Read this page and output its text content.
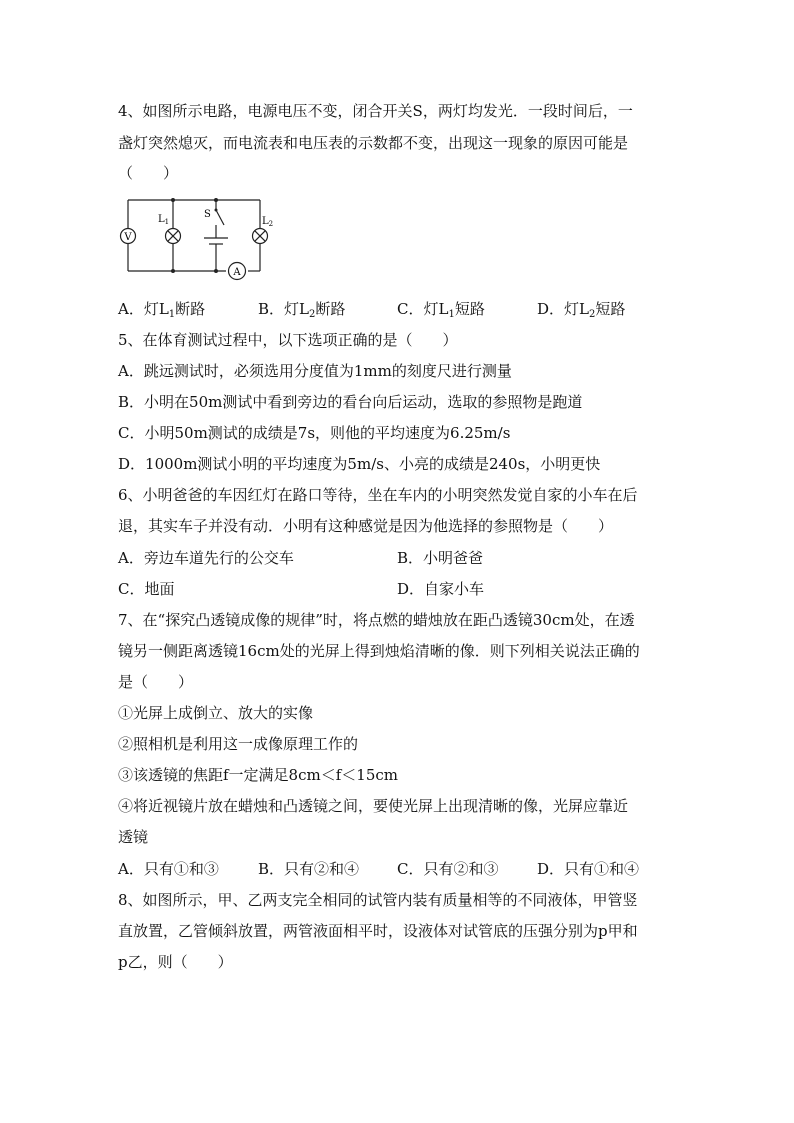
4、如图所示电路，电源电压不变，闭合开关S，两灯均发光．一段时间后，一
盏灯突然熄灭，而电流表和电压表的示数都不变，出现这一现象的原因可能是
（　　）
V
$L_1$
S
$L_2$
A
A．灯$L_1$断路	B．灯$L_2$断路	C．灯$L_1$短路	D．灯$L_2$短路
5、在体育测试过程中，以下选项正确的是（　　）
A．跳远测试时，必须选用分度值为1mm的刻度尺进行测量
B．小明在50m测试中看到旁边的看台向后运动，选取的参照物是跑道
C．小明50m测试的成绩是7s，则他的平均速度为6.25m/s
D．1000m测试小明的平均速度为5m/s、小亮的成绩是240s，小明更快
6、小明爸爸的车因红灯在路口等待，坐在车内的小明突然发觉自家的小车在后
退，其实车子并没有动．小明有这种感觉是因为他选择的参照物是（　　）
A．旁边车道先行的公交车	B．小明爸爸
C．地面	D．自家小车
7、在“探究凸透镜成像的规律”时，将点燃的蜡烛放在距凸透镜30cm处，在透
镜另一侧距离透镜16cm处的光屏上得到烛焰清晰的像．则下列相关说法正确的
是（　　）
①光屏上成倒立、放大的实像
②照相机是利用这一成像原理工作的
③该透镜的焦距f一定满足8cm＜f＜15cm
④将近视镜片放在蜡烛和凸透镜之间，要使光屏上出现清晰的像，光屏应靠近
透镜
A．只有①和③	B．只有②和④	C．只有②和③	D．只有①和④
8、如图所示，甲、乙两支完全相同的试管内装有质量相等的不同液体，甲管竖
直放置，乙管倾斜放置，两管液面相平时，设液体对试管底的压强分别为p甲和
p乙，则（　　）
